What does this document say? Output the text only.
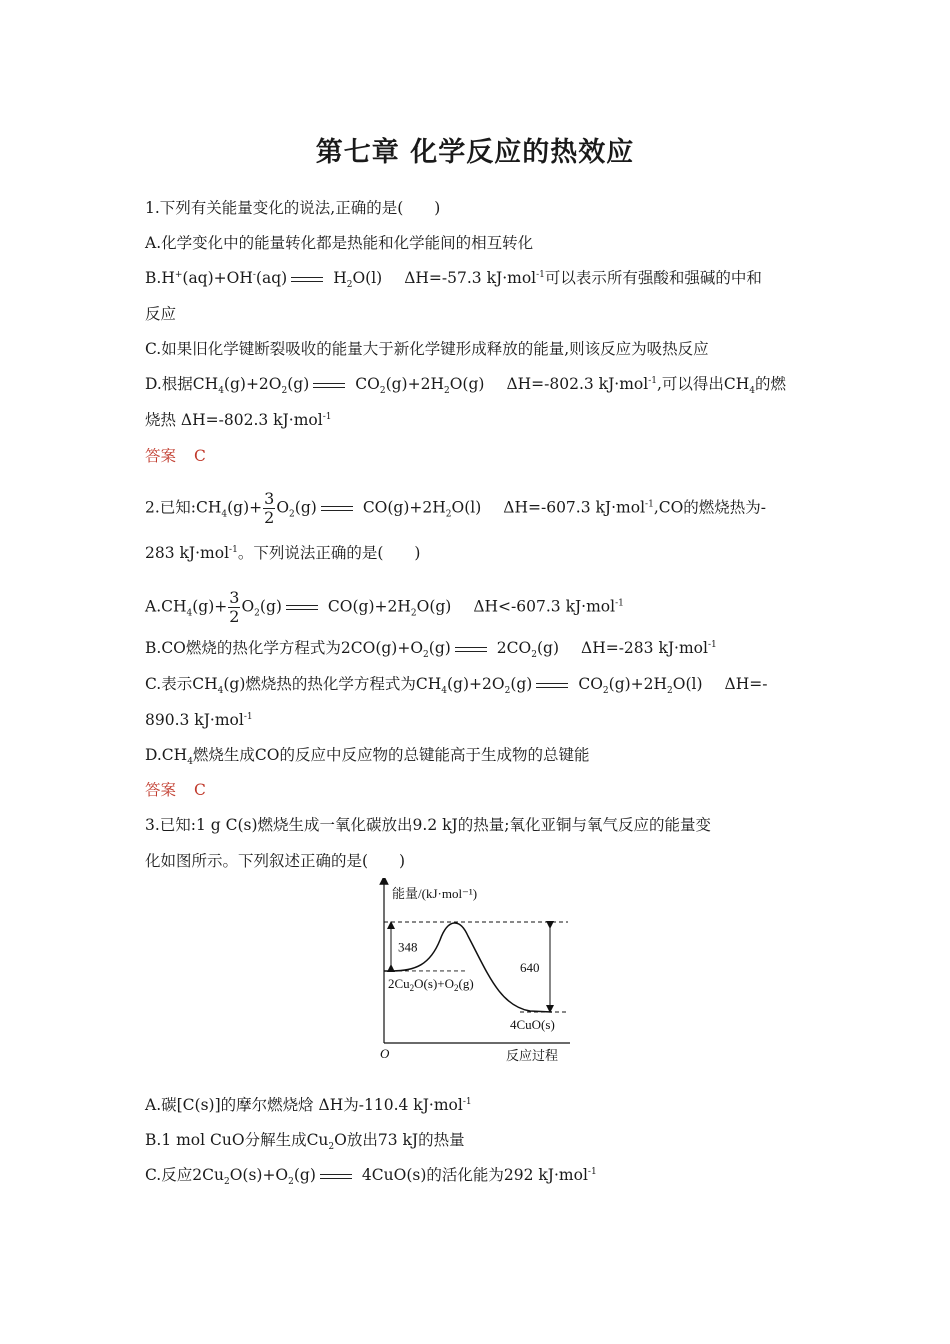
第七章 化学反应的热效应
1.下列有关能量变化的说法,正确的是(　　)
A.化学变化中的能量转化都是热能和化学能间的相互转化
B.H+(aq)+OH-(aq)	$H_2O(l)$ ΔH=-57.3 kJ·mol$^{-1}$可以表示所有强酸和强碱的中和
反应
C.如果旧化学键断裂吸收的能量大于新化学键形成释放的能量,则该反应为吸热反应
D.根据$CH_4(g)+2O_2(g)$	$CO_2(g)+2H_2O(g)$ ΔH=-802.3 kJ·mol$^{-1}$,可以得出$CH_4$的燃
烧热 ΔH=-802.3 kJ·mol$^{-1}$
答案 C
2.已知$:CH_4(g)+ \frac{3}{2} O_2(g)$	$CO(g)+2H_2O(l)$ ΔH=-607.3 kJ·mol$^{-1}$,CO的燃烧热为-
283 kJ·mol$^{-1}$。下列说法正确的是(　　)
$A.CH_4(g)+ \frac{3}{2} O_2(g)$	$CO(g)+2H_2O(g)$ ΔH<-607.3 kJ·mol$^{-1}$
B.CO燃烧的热化学方程式为$2CO(g)+O_2(g)$	$2CO_2(g)$ ΔH=-283 kJ·mol$^{-1}$
C.表示$CH_4(g)$燃烧热的热化学方程式为$CH_4(g)+2O_2(g)$	$CO_2(g)+2H_2O(l)$ ΔH=-
890.3 kJ·mol$^{-1}$
$D.CH_4$燃烧生成CO的反应中反应物的总键能高于生成物的总键能
答案 C
3.已知:1 g C(s)燃烧生成一氧化碳放出9.2 kJ的热量;氧化亚铜与氧气反应的能量变
化如图所示。下列叙述正确的是(　　)
能量/(kJ·mol⁻¹)
反应过程
O
348
640
$2Cu_2O(s)+O_2(g)$
4CuO(s)
A.碳[C(s)]的摩尔燃烧焓 ΔH为-110.4 kJ·mol$^{-1}$
B.1 mol CuO分解生成$Cu_2O$放出73 kJ的热量
C.反应$2Cu_2O(s)+O_2(g)$	4CuO(s)的活化能为292 kJ·mol$^{-1}$
